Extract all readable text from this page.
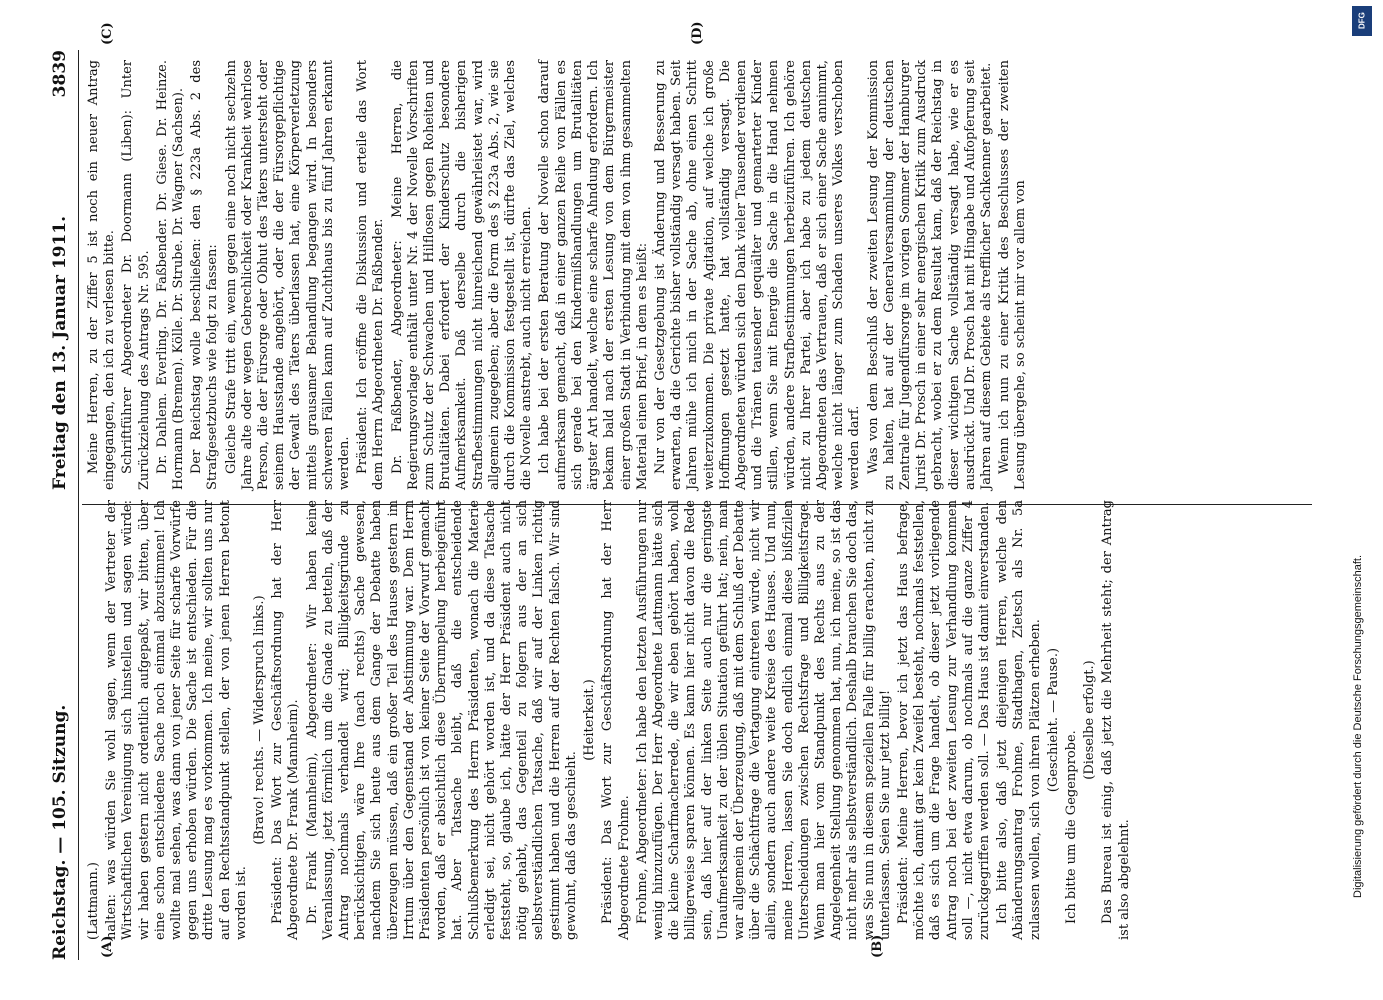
Reichstag. — 105. Sitzung.
Freitag den 13. Januar 1911.
3839
(A)	(B)
(C)	(D)

(Lattmann.) halten: was würden Sie wohl sagen, wenn der Vertreter der Wirtschaftlichen Vereinigung sich hinstellen und sagen würde: wir haben gestern nicht ordentlich aufgepaßt, wir bitten, über eine schon entschiedene Sache noch einmal abzustimmen! Ich wollte mal sehen, was dann von jener Seite für scharfe Vorwürfe gegen uns erhoben würden. Die Sache ist entschieden. Für die dritte Lesung mag es vorkommen. Ich meine, wir sollten uns nur auf den Rechtsstandpunkt stellen, der von jenen Herren betont worden ist.

(Bravo! rechts. — Widerspruch links.) Präsident: Das Wort zur Geschäftsordnung hat der Herr Abgeordnete Dr. Frank (Mannheim). Dr. Frank (Mannheim), Abgeordneter: Wir haben keine Veranlassung, jetzt förmlich um die Gnade zu betteln, daß der Antrag nochmals verhandelt wird; Billigkeitsgründe zu berücksichtigen, wäre Ihre (nach rechts) Sache gewesen, nachdem Sie sich heute aus dem Gange der Debatte haben überzeugen müssen, daß ein großer Teil des Hauses gestern im Irrtum über den Gegenstand der Abstimmung war. Dem Herrn Präsidenten persönlich ist von keiner Seite der Vorwurf gemacht worden, daß er absichtlich diese Überrumpelung herbeigeführt hat. Aber Tatsache bleibt, daß die entscheidende Schlußbemerkung des Herrn Präsidenten, wonach die Materie erledigt sei, nicht gehört worden ist, und da diese Tatsache feststeht, so, glaube ich, hätte der Herr Präsident auch nicht nötig gehabt, das Gegenteil zu folgern aus der an sich selbstverständlichen Tatsache, daß wir auf der Linken richtig gestimmt haben und die Herren auf der Rechten falsch. Wir sind gewohnt, daß das geschieht.

(Heiterkeit.) Präsident: Das Wort zur Geschäftsordnung hat der Herr Abgeordnete Frohme. Frohme, Abgeordneter: Ich habe den letzten Ausführungen nur wenig hinzuzufügen. Der Herr Abgeordnete Lattmann hätte sich die kleine Scharfmacherrede, die wir eben gehört haben, wohl billigerweise sparen können. Es kann hier nicht davon die Rede sein, daß hier auf der linken Seite auch nur die geringste Unaufmerksamkeit zu der üblen Situation geführt hat; nein, man war allgemein der Überzeugung, daß mit dem Schluß der Debatte über die Schächtfrage die Vertagung eintreten würde, nicht wir allein, sondern auch andere weite Kreise des Hauses. Und nun, meine Herren, lassen Sie doch endlich einmal diese bißfizilen Unterscheidungen zwischen Rechtsfrage und Billigkeitsfrage. Wenn man hier vom Standpunkt des Rechts aus zu der Angelegenheit Stellung genommen hat, nun, ich meine, so ist das nicht mehr als selbstverständlich. Deshalb brauchen Sie doch das, was Sie nun in diesem speziellen Falle für billig erachten, nicht zu unterlassen. Seien Sie nur jetzt billig! Präsident: Meine Herren, bevor ich jetzt das Haus befrage, möchte ich, damit gar kein Zweifel besteht, nochmals feststellen, daß es sich um die Frage handelt, ob dieser jetzt vorliegende Antrag noch bei der zweiten Lesung zur Verhandlung kommen soll —, nicht etwa darum, ob nochmals auf die ganze Ziffer 4 zurückgegriffen werden soll. — Das Haus ist damit einverstanden. Ich bitte also, daß jetzt diejenigen Herren, welche den Abänderungsantrag Frohme, Stadthagen, Zietsch als Nr. 5a zulassen wollen, sich von ihren Plätzen erheben. (Geschieht. — Pause.)

Ich bitte um die Gegenprobe.

(Dieselbe erfolgt.) Das Bureau ist einig, daß jetzt die Mehrheit steht; der Antrag ist also abgelehnt.

Meine Herren, zu der Ziffer 5 ist noch ein neuer Antrag eingegangen, den ich zu verlesen bitte. Schriftführer Abgeordneter Dr. Doormann (Liben): Unter Zurückziehung des Antrags Nr. 595. Dr. Dahlem. Everling. Dr. Faßbender. Dr. Giese. Dr. Heinze. Hormann (Bremen). Kölle. Dr. Strube. Dr. Wagner (Sachsen). Der Reichstag wolle beschließen: den § 223a Abs. 2 des Strafgesetzbuchs wie folgt zu fassen: Gleiche Strafe tritt ein, wenn gegen eine noch nicht sechzehn Jahre alte oder wegen Gebrechlichkeit oder Krankheit wehrlose Person, die der Fürsorge oder Obhut des Täters untersteht oder seinem Hausstande angehört, oder die der Fürsorgepflichtige der Gewalt des Täters überlassen hat, eine Körperverletzung mittels grausamer Behandlung begangen wird. In besonders schweren Fällen kann auf Zuchthaus bis zu fünf Jahren erkannt werden. Präsident: Ich eröffne die Diskussion und erteile das Wort dem Herrn Abgeordneten Dr. Faßbender. Dr. Faßbender, Abgeordneter: Meine Herren, die Regierungsvorlage enthält unter Nr. 4 der Novelle Vorschriften zum Schutz der Schwachen und Hilflosen gegen Roheiten und Brutalitäten. Dabei erfordert der Kinderschutz besondere Aufmerksamkeit. Daß derselbe durch die bisherigen Strafbestimmungen nicht hinreichend gewährleistet war, wird allgemein zugegeben; aber die Form des § 223a Abs. 2, wie sie durch die Kommission festgestellt ist, dürfte das Ziel, welches die Novelle anstrebt, auch nicht erreichen. Ich habe bei der ersten Beratung der Novelle schon darauf aufmerksam gemacht, daß in einer ganzen Reihe von Fällen es sich gerade bei den Kindermißhandlungen um Brutalitäten ärgster Art handelt, welche eine scharfe Ahndung erfordern. Ich bekam bald nach der ersten Lesung von dem Bürgermeister einer großen Stadt in Verbindung mit dem von ihm gesammelten Material einen Brief, in dem es heißt: Nur von der Gesetzgebung ist Änderung und Besserung zu erwarten, da die Gerichte bisher vollständig versagt haben. Seit Jahren mühe ich mich in der Sache ab, ohne einen Schritt weiterzukommen. Die private Agitation, auf welche ich große Hoffnungen gesetzt hatte, hat vollständig versagt. Die Abgeordneten würden sich den Dank vieler Tausender verdienen und die Tränen tausender gequälter und gemarterter Kinder stillen, wenn Sie mit Energie die Sache in die Hand nehmen würden, andere Strafbestimmungen herbeizuführen. Ich gehöre nicht zu Ihrer Partei, aber ich habe zu jedem deutschen Abgeordneten das Vertrauen, daß er sich einer Sache annimmt, welche nicht länger zum Schaden unseres Volkes verschoben werden darf. Was von dem Beschluß der zweiten Lesung der Kommission zu halten, hat auf der Generalversammlung der deutschen Zentrale für Jugendfürsorge im vorigen Sommer der Hamburger Jurist Dr. Prosch in einer sehr energischen Kritik zum Ausdruck gebracht, wobei er zu dem Resultat kam, daß der Reichstag in dieser wichtigen Sache vollständig versagt habe, wie er es ausdrückt. Und Dr. Prosch hat mit Hingabe und Aufopferung seit Jahren auf diesem Gebiete als trefflicher Sachkenner gearbeitet. Wenn ich nun zu einer Kritik des Beschlusses der zweiten Lesung übergehe, so scheint mir vor allem von

DFG
Digitalisierung gefördert durch die Deutsche Forschungsgemeinschaft.
